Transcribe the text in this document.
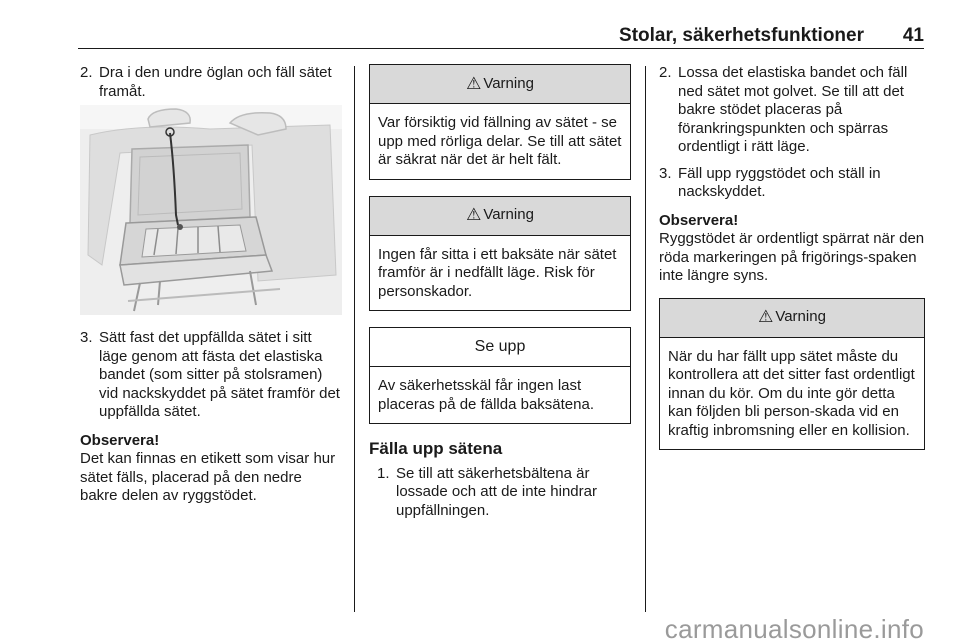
Stolar, säkerhetsfunktioner 41

2. Dra i den undre öglan och fäll sätet framåt.

3. Sätt fast det uppfällda sätet i sitt läge genom att fästa det elastiska bandet (som sitter på stolsramen) vid nackskyddet på sätet framför det uppfällda sätet.

Observera!

Det kan finnas en etikett som visar hur sätet fälls, placerad på den nedre bakre delen av ryggstödet.

⚠ Varning
Var försiktig vid fällning av sätet - se upp med rörliga delar. Se till att sätet är säkrat när det är helt fält.
⚠ Varning
Ingen får sitta i ett baksäte när sätet framför är i nedfällt läge. Risk för personskador.
Se upp
Av säkerhetsskäl får ingen last placeras på de fällda baksätena.
Fälla upp sätena

1. Se till att säkerhetsbältena är lossade och att de inte hindrar uppfällningen.

2. Lossa det elastiska bandet och fäll ned sätet mot golvet. Se till att det bakre stödet placeras på förankringspunkten och spärras ordentligt i rätt läge.

3. Fäll upp ryggstödet och ställ in nackskyddet.

Observera!

Ryggstödet är ordentligt spärrat när den röda markeringen på frigörings-spaken inte längre syns.

⚠ Varning
När du har fällt upp sätet måste du kontrollera att det sitter fast ordentligt innan du kör. Om du inte gör detta kan följden bli person-skada vid en kraftig inbromsning eller en kollision.
carmanualsonline.info
